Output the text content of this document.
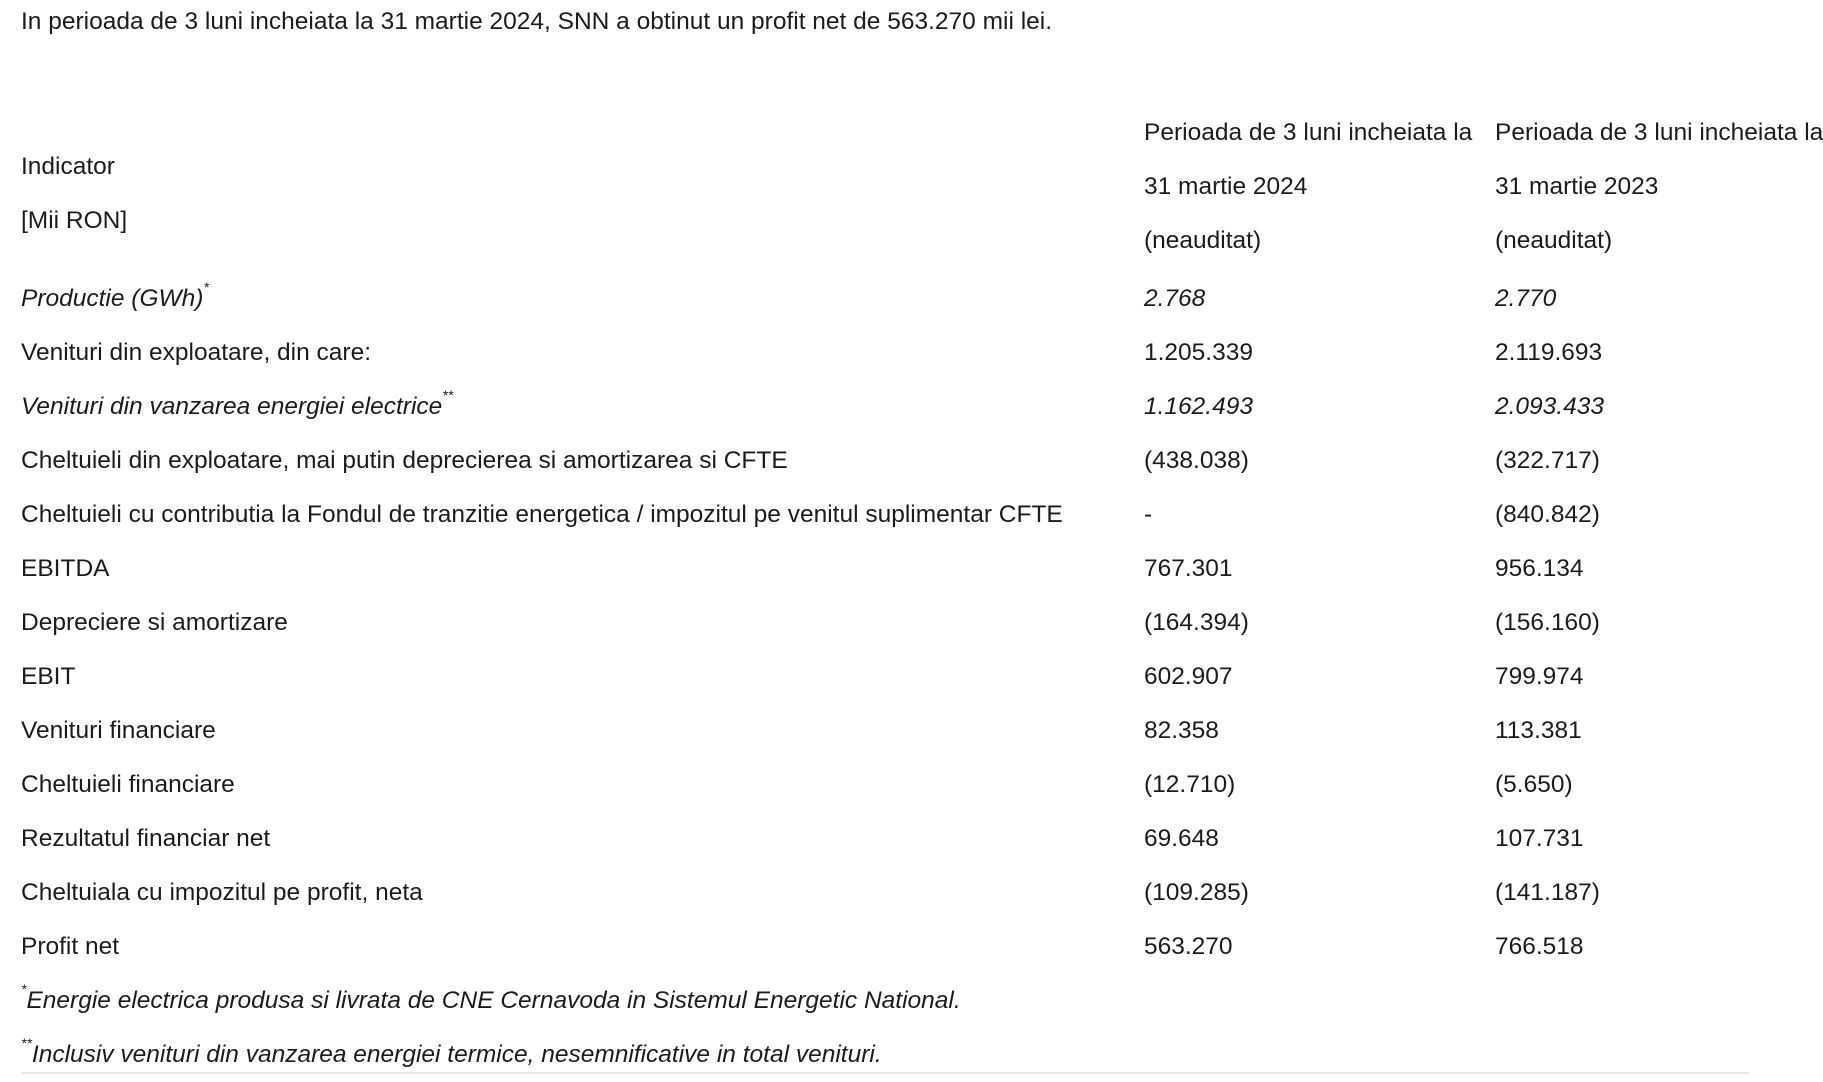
In perioada de 3 luni incheiata la 31 martie 2024, SNN a obtinut un profit net de 563.270 mii lei.
Indicator
[Mii RON]
Perioada de 3 luni incheiata la
31 martie 2024
(neauditat)
Perioada de 3 luni incheiata la
31 martie 2023
(neauditat)
Productie (GWh)*	2.768	2.770
Venituri din exploatare, din care:	1.205.339	2.119.693
Venituri din vanzarea energiei electrice**	1.162.493	2.093.433
Cheltuieli din exploatare, mai putin deprecierea si amortizarea si CFTE	(438.038)	(322.717)
Cheltuieli cu contributia la Fondul de tranzitie energetica / impozitul pe venitul suplimentar CFTE	-	(840.842)
EBITDA	767.301	956.134
Depreciere si amortizare	(164.394)	(156.160)
EBIT	602.907	799.974
Venituri financiare	82.358	113.381
Cheltuieli financiare	(12.710)	(5.650)
Rezultatul financiar net	69.648	107.731
Cheltuiala cu impozitul pe profit, neta	(109.285)	(141.187)
Profit net	563.270	766.518
*Energie electrica produsa si livrata de CNE Cernavoda in Sistemul Energetic National.
**Inclusiv venituri din vanzarea energiei termice, nesemnificative in total venituri.
